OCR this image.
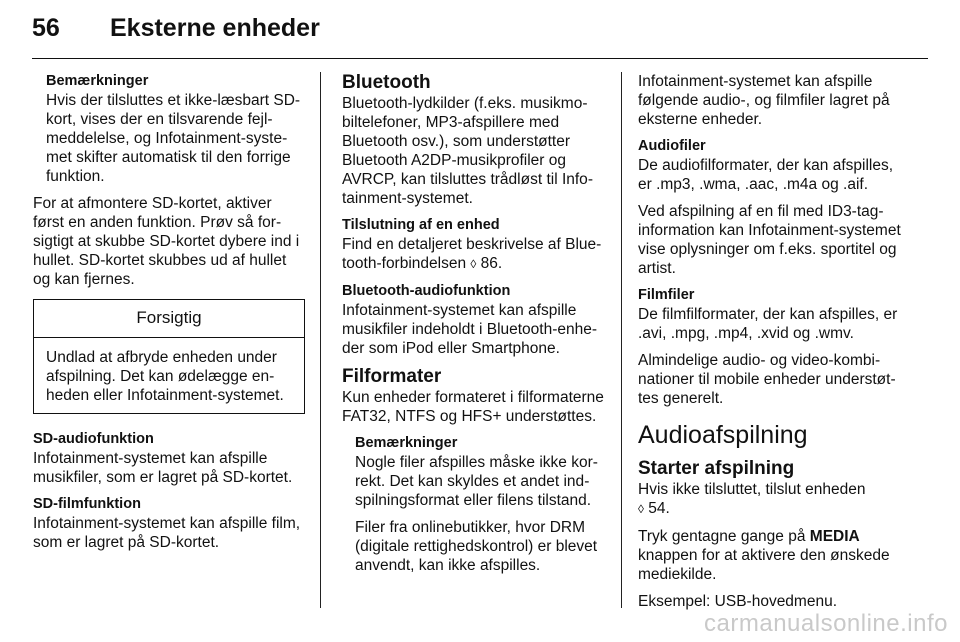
56 Eksterne enheder
Bemærkninger

Hvis der tilsluttes et ikke-læsbart SD-kort, vises der en tilsvarende fejlmeddelelse, og Infotainment-systemet skifter automatisk til den forrige funktion.

For at afmontere SD-kortet, aktiver først en anden funktion. Prøv så forsigtigt at skubbe SD-kortet dybere ind i hullet. SD-kortet skubbes ud af hullet og kan fjernes.

Forsigtig
Undlad at afbryde enheden under afspilning. Det kan ødelægge enheden eller Infotainment-systemet.
SD-audiofunktion

Infotainment-systemet kan afspille musikfiler, som er lagret på SD-kortet.

SD-filmfunktion

Infotainment-systemet kan afspille film, som er lagret på SD-kortet.

Bluetooth

Bluetooth-lydkilder (f.eks. musikmobiltelefoner, MP3-afspillere med Bluetooth osv.), som understøtter Bluetooth A2DP-musikprofiler og AVRCP, kan tilsluttes trådløst til Infotainment-systemet.

Tilslutning af en enhed

Find en detaljeret beskrivelse af Bluetooth-forbindelsen ◊ 86.

Bluetooth-audiofunktion

Infotainment-systemet kan afspille musikfiler indeholdt i Bluetooth-enheder som iPod eller Smartphone.

Filformater

Kun enheder formateret i filformaterne FAT32, NTFS og HFS+ understøttes.

Bemærkninger

Nogle filer afspilles måske ikke korrekt. Det kan skyldes et andet indspilningsformat eller filens tilstand.

Filer fra onlinebutikker, hvor DRM (digitale rettighedskontrol) er blevet anvendt, kan ikke afspilles.

Infotainment-systemet kan afspille følgende audio-, og filmfiler lagret på eksterne enheder.

Audiofiler

De audiofilformater, der kan afspilles, er .mp3, .wma, .aac, .m4a og .aif.

Ved afspilning af en fil med ID3-tag-information kan Infotainment-systemet vise oplysninger om f.eks. sportitel og artist.

Filmfiler

De filmfilformater, der kan afspilles, er .avi, .mpg, .mp4, .xvid og .wmv.

Almindelige audio- og video-kombinationer til mobile enheder understøttes generelt.

Audioafspilning
Starter afspilning

Hvis ikke tilsluttet, tilslut enheden
◊ 54.

Tryk gentagne gange på MEDIA knappen for at aktivere den ønskede mediekilde.

Eksempel: USB-hovedmenu.

carmanualsonline.info
